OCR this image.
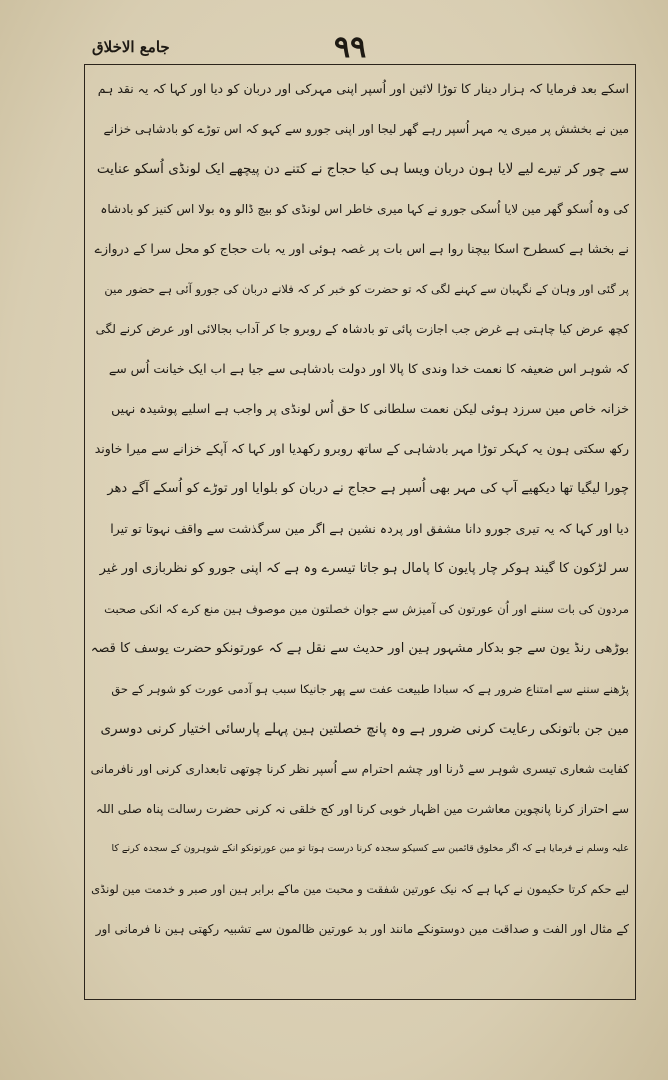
جامع الاخلاق	۹۹
اسکے بعد فرمایا کہ ہزار دینار کا توڑا لائین اور اُسپر اپنی مہرکی اور دربان کو دیا اور کہا کہ یہ نقد ہم
مین نے بخشش پر میری یہ مہر اُسپر رہے گھر لیجا اور اپنی جورو سے کہو کہ اس توڑے کو بادشاہی خزانے
سے چور کر تیرے لیے لایا ہون دربان ویسا ہی کیا حجاج نے کتنے دن پیچھے ایک لونڈی اُسکو عنایت
کی وہ اُسکو گھر مین لایا اُسکی جورو نے کہا میری خاطر اس لونڈی کو بیچ ڈالو وہ بولا اس کنیز کو بادشاہ
نے بخشا ہے کسطرح اسکا بیچنا روا ہے اس بات پر غصہ ہوئی اور یہ بات حجاج کو محل سرا کے دروازے
پر گئی اور وہان کے نگہبان سے کہنے لگی کہ تو حضرت کو خبر کر کہ فلانے دربان کی جورو آئی ہے حضور مین
کچھ عرض کیا چاہتی ہے غرض جب اجازت پائی تو بادشاہ کے روبرو جا کر آداب بجالائی اور عرض کرنے لگی
کہ شوہر اس ضعیفہ کا نعمت خدا وندی کا پالا اور دولت بادشاہی سے جیا ہے اب ایک خیانت اُس سے
خزانہ خاص مین سرزد ہوئی لیکن نعمت سلطانی کا حق اُس لونڈی پر واجب ہے اسلیے پوشیدہ نہیں
رکھ سکتی ہون یہ کہکر توڑا مہر بادشاہی کے ساتھ روبرو رکھدیا اور کہا کہ آپکے خزانے سے میرا خاوند
چورا لیگیا تھا دیکھیے آپ کی مہر بھی اُسپر ہے حجاج نے دربان کو بلوایا اور توڑے کو اُسکے آگے دھر
دیا اور کہا کہ یہ تیری جورو دانا مشفق اور پردہ نشین ہے اگر مین سرگذشت سے واقف نہوتا تو تیرا
سر لڑکون کا گیند ہوکر چار پایون کا پامال ہو جاتا تیسرے وہ ہے کہ اپنی جورو کو نظربازی اور غیر
مردون کی بات سننے اور اُن عورتون کی آمیزش سے جوان خصلتون مین موصوف ہین منع کرے کہ انکی صحبت
بوڑھی رنڈ یون سے جو بدکار مشہور ہین اور حدیث سے نقل ہے کہ عورتونکو حضرت یوسف کا قصہ
پڑھنے سننے سے امتناع ضرور ہے کہ سبادا طبیعت عفت سے پھر جانیکا سبب ہو آدمی عورت کو شوہر کے حق
مین جن باتونکی رعایت کرنی ضرور ہے وہ پانچ خصلتین ہین پہلے پارسائی اختیار کرنی دوسری
کفایت شعاری تیسری شوہر سے ڈرنا اور چشم احترام سے اُسپر نظر کرنا چوتھی تابعداری کرنی اور نافرمانی
سے احتراز کرنا پانچوین معاشرت مین اظہار خوبی کرنا اور کج خلقی نہ کرنی حضرت رسالت پناہ صلی اللہ
علیہ وسلم نے فرمایا ہے کہ اگر مخلوق قائمین سے کسیکو سجدہ کرنا درست ہوتا تو مین عورتونکو انکے شوہرون کے سجدہ کرنے کا
لیے حکم کرتا حکیمون نے کہا ہے کہ نیک عورتین شفقت و محبت مین ماکے برابر ہین اور صبر و خدمت مین لونڈی
کے مثال اور الفت و صداقت مین دوستونکے مانند اور بد عورتین ظالمون سے تشبیہ رکھتی ہین نا فرمانی اور
